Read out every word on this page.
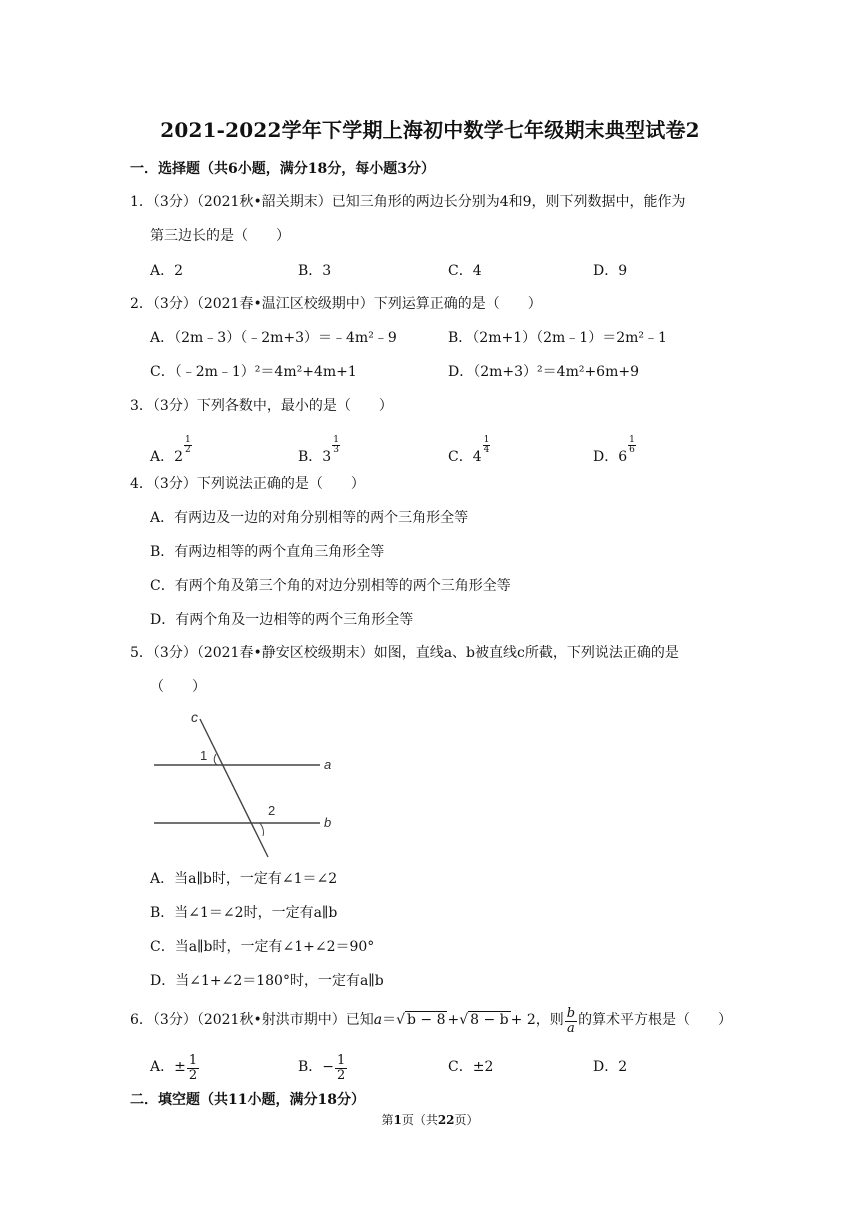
2021-2022学年下学期上海初中数学七年级期末典型试卷2
一．选择题（共6小题，满分18分，每小题3分）
1．（3分）（2021秋•韶关期末）已知三角形的两边长分别为4和9，则下列数据中，能作为
第三边长的是（　　）
A．2	B．3	C．4	D．9
2．（3分）（2021春•温江区校级期中）下列运算正确的是（　　）
A．（2m﹣3）（﹣2m+3）＝﹣4m²﹣9	B．（2m+1）（2m﹣1）＝2m²﹣1
C．（﹣2m﹣1）²＝4m²+4m+1	D．（2m+3）²＝4m²+6m+9
3．（3分）下列各数中，最小的是（　　）
A．2
$\frac{1}{2}$
B．3
$\frac{1}{3}$
C．4
$\frac{1}{4}$
D．6
$\frac{1}{6}$
4．（3分）下列说法正确的是（　　）
A．有两边及一边的对角分别相等的两个三角形全等
B．有两边相等的两个直角三角形全等
C．有两个角及第三个角的对边分别相等的两个三角形全等
D．有两个角及一边相等的两个三角形全等
5．（3分）（2021春•静安区校级期末）如图，直线a、b被直线c所截，下列说法正确的是
（　　）
c
a
b
1
2
A．当a∥b时，一定有∠1＝∠2
B．当∠1＝∠2时，一定有a∥b
C．当a∥b时，一定有∠1+∠2＝90°
D．当∠1+∠2＝180°时，一定有a∥b
6．（3分）（2021秋•射洪市期中）已知a＝√ b − 8 +√ 8 − b + 2，则 $\frac{b}{a}$ 的算术平方根是（　　）
A．± $\frac{1}{2}$	B．− $\frac{1}{2}$	C．±2	D．2
二．填空题（共11小题，满分18分）
第1页（共22页）
